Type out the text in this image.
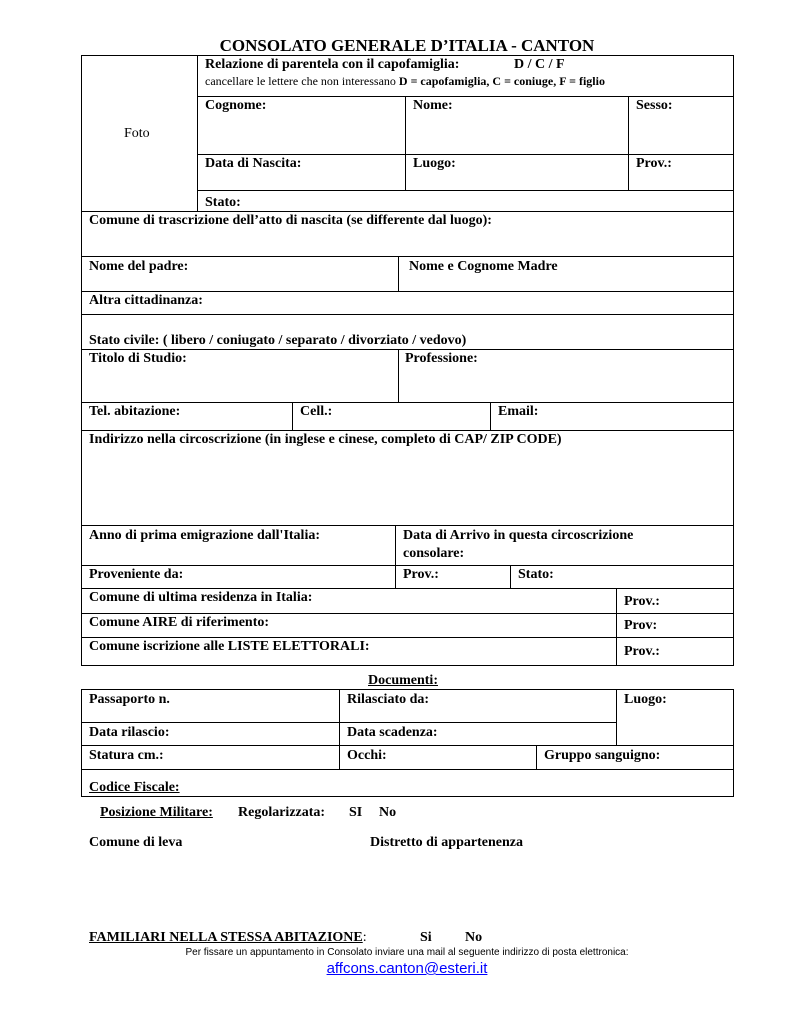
CONSOLATO GENERALE D’ITALIA - CANTON
Foto
Relazione di parentela con il capofamiglia:	D / C / F
cancellare le lettere che non interessano D = capofamiglia, C = coniuge, F = figlio
Cognome:	Nome:	Sesso:
Data di Nascita:	Luogo:	Prov.:
Stato:
Comune di trascrizione dell’atto di nascita (se differente dal luogo):
Nome del padre:	Nome e Cognome Madre
Altra cittadinanza:
Stato civile: ( libero / coniugato / separato / divorziato / vedovo)
Titolo di Studio:	Professione:
Tel. abitazione:	Cell.:	Email:
Indirizzo nella circoscrizione (in inglese e cinese, completo di CAP/ ZIP CODE)
Anno di prima emigrazione dall'Italia:	Data di Arrivo in questa circoscrizione
consolare:
Proveniente da:	Prov.:	Stato:
Comune di ultima residenza in Italia:	Prov.:
Comune AIRE di riferimento:	Prov:
Comune iscrizione alle LISTE ELETTORALI:	Prov.:
Documenti:
Passaporto n.	Rilasciato da:	Luogo:
Data rilascio:	Data scadenza:
Statura cm.:	Occhi:	Gruppo sanguigno:
Codice Fiscale:
Posizione Militare:	Regolarizzata: SI No
Comune di leva	Distretto di appartenenza
FAMILIARI NELLA STESSA ABITAZIONE:	Si No
Per fissare un appuntamento in Consolato inviare una mail al seguente indirizzo di posta elettronica:
affcons.canton@esteri.it
